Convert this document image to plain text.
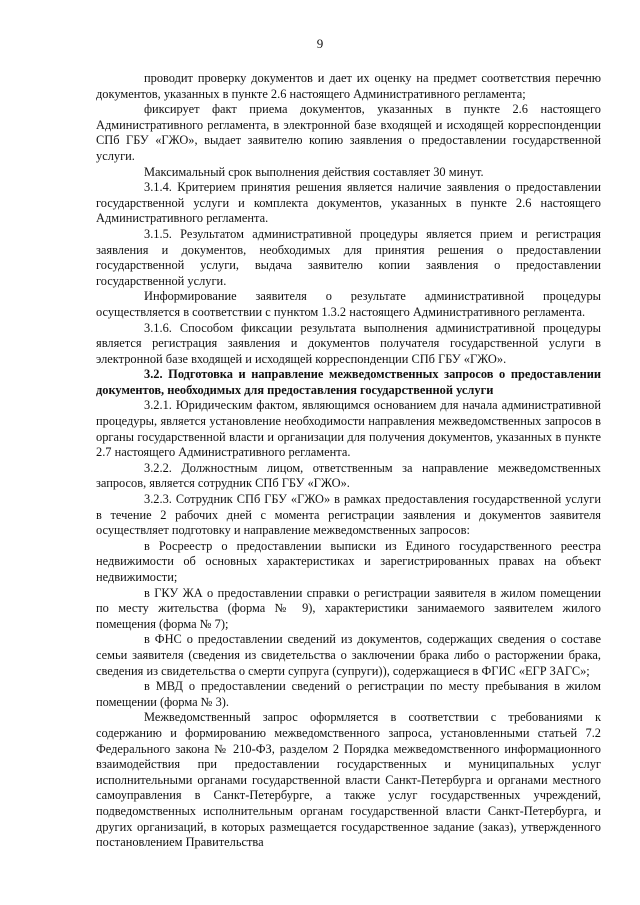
9

проводит проверку документов и дает их оценку на предмет соответствия перечню документов, указанных в пункте 2.6 настоящего Административного регламента;

фиксирует факт приема документов, указанных в пункте 2.6 настоящего Административного регламента, в электронной базе входящей и исходящей корреспонденции СПб ГБУ «ГЖО», выдает заявителю копию заявления о предоставлении государственной услуги.

Максимальный срок выполнения действия составляет 30 минут.

3.1.4. Критерием принятия решения является наличие заявления о предоставлении государственной услуги и комплекта документов, указанных в пункте 2.6 настоящего Административного регламента.

3.1.5. Результатом административной процедуры является прием и регистрация заявления и документов, необходимых для принятия решения о предоставлении государственной услуги, выдача заявителю копии заявления о предоставлении государственной услуги.

Информирование заявителя о результате административной процедуры осуществляется в соответствии с пунктом 1.3.2 настоящего Административного регламента.

3.1.6. Способом фиксации результата выполнения административной процедуры является регистрация заявления и документов получателя государственной услуги в электронной базе входящей и исходящей корреспонденции СПб ГБУ «ГЖО».

3.2. Подготовка и направление межведомственных запросов о предоставлении документов, необходимых для предоставления государственной услуги

3.2.1. Юридическим фактом, являющимся основанием для начала административной процедуры, является установление необходимости направления межведомственных запросов в органы государственной власти и организации для получения документов, указанных в пункте 2.7 настоящего Административного регламента.

3.2.2. Должностным лицом, ответственным за направление межведомственных запросов, является сотрудник СПб ГБУ «ГЖО».

3.2.3. Сотрудник СПб ГБУ «ГЖО» в рамках предоставления государственной услуги в течение 2 рабочих дней с момента регистрации заявления и документов заявителя осуществляет подготовку и направление межведомственных запросов:

в Росреестр о предоставлении выписки из Единого государственного реестра недвижимости об основных характеристиках и зарегистрированных правах на объект недвижимости;

в ГКУ ЖА о предоставлении справки о регистрации заявителя в жилом помещении по месту жительства (форма № 9), характеристики занимаемого заявителем жилого помещения (форма № 7);

в ФНС о предоставлении сведений из документов, содержащих сведения о составе семьи заявителя (сведения из свидетельства о заключении брака либо о расторжении брака, сведения из свидетельства о смерти супруга (супруги)), содержащиеся в ФГИС «ЕГР ЗАГС»;

в МВД о предоставлении сведений о регистрации по месту пребывания в жилом помещении (форма № 3).

Межведомственный запрос оформляется в соответствии с требованиями к содержанию и формированию межведомственного запроса, установленными статьей 7.2 Федерального закона № 210-ФЗ, разделом 2 Порядка межведомственного информационного взаимодействия при предоставлении государственных и муниципальных услуг исполнительными органами государственной власти Санкт-Петербурга и органами местного самоуправления в Санкт-Петербурге, а также услуг государственных учреждений, подведомственных исполнительным органам государственной власти Санкт-Петербурга, и других организаций, в которых размещается государственное задание (заказ), утвержденного постановлением Правительства
